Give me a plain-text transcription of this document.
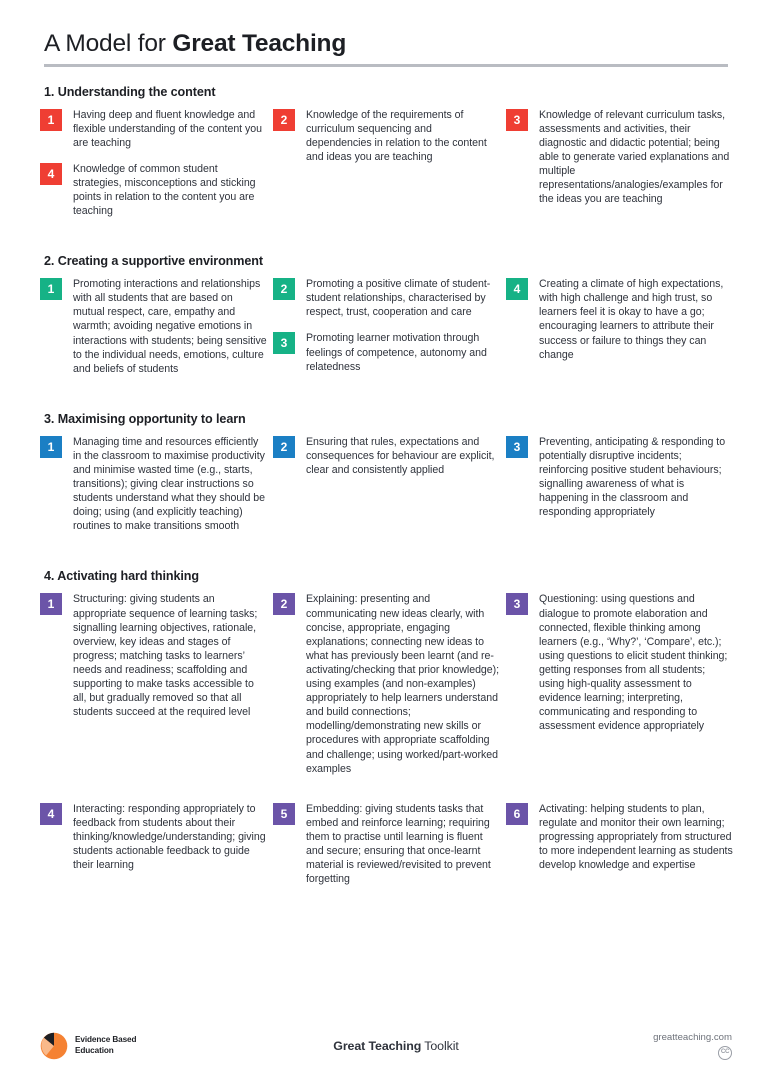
A Model for Great Teaching
1. Understanding the content
1	Having deep and fluent knowledge and flexible understanding of the content you are teaching
4	Knowledge of common student strategies, misconceptions and sticking points in relation to the content you are teaching
2	Knowledge of the requirements of curriculum sequencing and dependencies in relation to the content and ideas you are teaching
3	Knowledge of relevant curriculum tasks, assessments and activities, their diagnostic and didactic potential; being able to generate varied explanations and multiple representations/analogies/examples for the ideas you are teaching
2. Creating a supportive environment
1	Promoting interactions and relationships with all students that are based on mutual respect, care, empathy and warmth; avoiding negative emotions in interactions with students; being sensitive to the individual needs, emotions, culture and beliefs of students
2	Promoting a positive climate of student-student relationships, characterised by respect, trust, cooperation and care
3	Promoting learner motivation through feelings of competence, autonomy and relatedness
4	Creating a climate of high expectations, with high challenge and high trust, so learners feel it is okay to have a go; encouraging learners to attribute their success or failure to things they can change
3. Maximising opportunity to learn
1	Managing time and resources efficiently in the classroom to maximise productivity and minimise wasted time (e.g., starts, transitions); giving clear instructions so students understand what they should be doing; using (and explicitly teaching) routines to make transitions smooth
2	Ensuring that rules, expectations and consequences for behaviour are explicit, clear and consistently applied
3	Preventing, anticipating & responding to potentially disruptive incidents; reinforcing positive student behaviours; signalling awareness of what is happening in the classroom and responding appropriately
4. Activating hard thinking
1	Structuring: giving students an appropriate sequence of learning tasks; signalling learning objectives, rationale, overview, key ideas and stages of progress; matching tasks to learners’ needs and readiness; scaffolding and supporting to make tasks accessible to all, but gradually removed so that all students succeed at the required level
2	Explaining: presenting and communicating new ideas clearly, with concise, appropriate, engaging explanations; connecting new ideas to what has previously been learnt (and re-activating/checking that prior knowledge); using examples (and non-examples) appropriately to help learners understand and build connections; modelling/demonstrating new skills or procedures with appropriate scaffolding and challenge; using worked/part-worked examples
3	Questioning: using questions and dialogue to promote elaboration and connected, flexible thinking among learners (e.g., ‘Why?’, ‘Compare’, etc.); using questions to elicit student thinking; getting responses from all students; using high-quality assessment to evidence learning; interpreting, communicating and responding to assessment evidence appropriately
4	Interacting: responding appropriately to feedback from students about their thinking/knowledge/understanding; giving students actionable feedback to guide their learning
5	Embedding: giving students tasks that embed and reinforce learning; requiring them to practise until learning is fluent and secure; ensuring that once-learnt material is reviewed/revisited to prevent forgetting
6	Activating: helping students to plan, regulate and monitor their own learning; progressing appropriately from structured to more independent learning as students develop knowledge and expertise
Evidence Based
Education	Great Teaching Toolkit
greatteaching.com
CC
